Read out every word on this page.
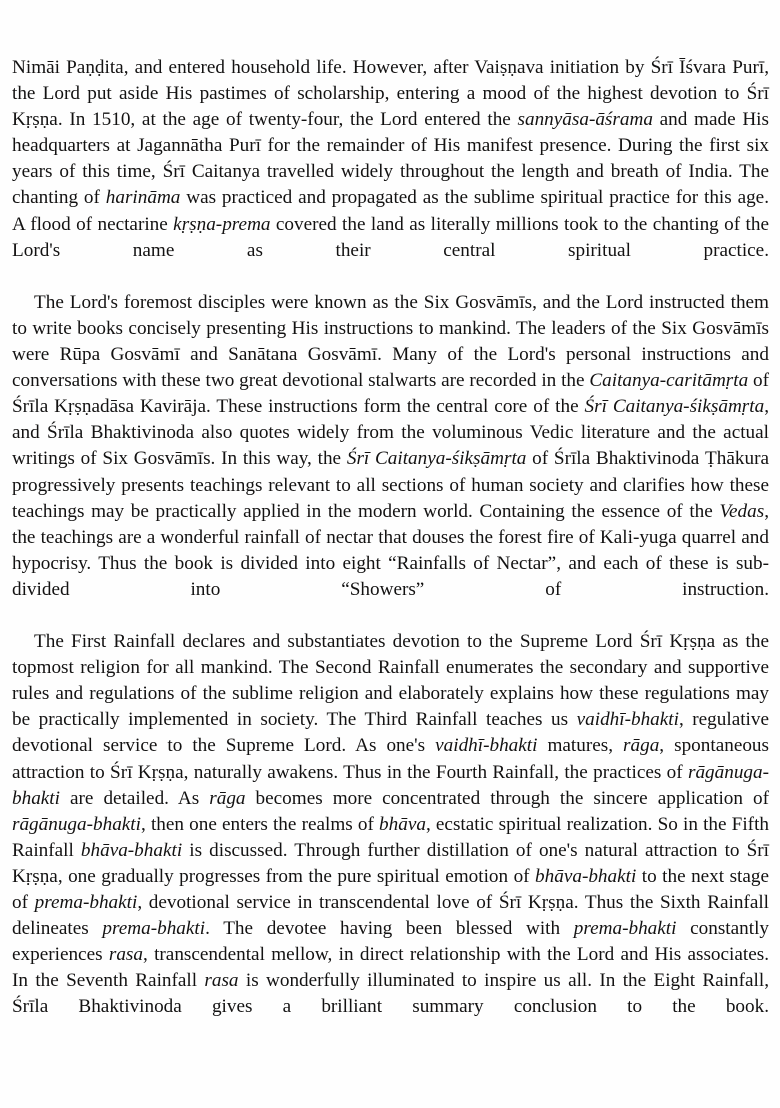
Nimāi Paṇḍita, and entered household life. However, after Vaiṣṇava initiation by Śrī Īśvara Purī, the Lord put aside His pastimes of scholarship, entering a mood of the highest devotion to Śrī Kṛṣṇa. In 1510, at the age of twenty-four, the Lord entered the sannyāsa-āśrama and made His headquarters at Jagannātha Purī for the remainder of His manifest presence. During the first six years of this time, Śrī Caitanya travelled widely throughout the length and breath of India. The chanting of harināma was practiced and propagated as the sublime spiritual practice for this age. A flood of nectarine kṛṣṇa-prema covered the land as literally millions took to the chanting of the Lord's name as their central spiritual practice.

The Lord's foremost disciples were known as the Six Gosvāmīs, and the Lord instructed them to write books concisely presenting His instructions to mankind. The leaders of the Six Gosvāmīs were Rūpa Gosvāmī and Sanātana Gosvāmī. Many of the Lord's personal instructions and conversations with these two great devotional stalwarts are recorded in the Caitanya-caritāmṛta of Śrīla Kṛṣṇadāsa Kavirāja. These instructions form the central core of the Śrī Caitanya-śikṣāmṛta, and Śrīla Bhaktivinoda also quotes widely from the voluminous Vedic literature and the actual writings of Six Gosvāmīs. In this way, the Śrī Caitanya-śikṣāmṛta of Śrīla Bhaktivinoda Ṭhākura progressively presents teachings relevant to all sections of human society and clarifies how these teachings may be practically applied in the modern world. Containing the essence of the Vedas, the teachings are a wonderful rainfall of nectar that douses the forest fire of Kali-yuga quarrel and hypocrisy. Thus the book is divided into eight “Rainfalls of Nectar”, and each of these is sub-divided into “Showers” of instruction.

The First Rainfall declares and substantiates devotion to the Supreme Lord Śrī Kṛṣṇa as the topmost religion for all mankind. The Second Rainfall enumerates the secondary and supportive rules and regulations of the sublime religion and elaborately explains how these regulations may be practically implemented in society. The Third Rainfall teaches us vaidhī-bhakti, regulative devotional service to the Supreme Lord. As one's vaidhī-bhakti matures, rāga, spontaneous attraction to Śrī Kṛṣṇa, naturally awakens. Thus in the Fourth Rainfall, the practices of rāgānuga-bhakti are detailed. As rāga becomes more concentrated through the sincere application of rāgānuga-bhakti, then one enters the realms of bhāva, ecstatic spiritual realization. So in the Fifth Rainfall bhāva-bhakti is discussed. Through further distillation of one's natural attraction to Śrī Kṛṣṇa, one gradually progresses from the pure spiritual emotion of bhāva-bhakti to the next stage of prema-bhakti, devotional service in transcendental love of Śrī Kṛṣṇa. Thus the Sixth Rainfall delineates prema-bhakti. The devotee having been blessed with prema-bhakti constantly experiences rasa, transcendental mellow, in direct relationship with the Lord and His associates. In the Seventh Rainfall rasa is wonderfully illuminated to inspire us all. In the Eight Rainfall, Śrīla Bhaktivinoda gives a brilliant summary conclusion to the book.
